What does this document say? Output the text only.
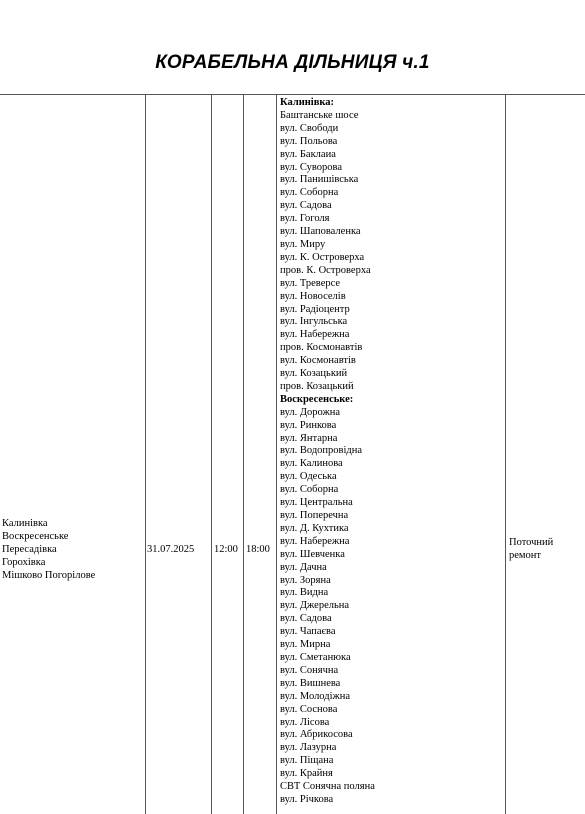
КОРАБЕЛЬНА ДІЛЬНИЦЯ ч.1
Калинівка
Воскресенське
Пересадівка
Горохівка
Мішково Погорілове
31.07.2025 12:00 18:00
Поточний
ремонт
Калинівка:
Баштанське шосе
вул. Свободи
вул. Польова
вул. Баклаиа
вул. Суворова
вул. Панишівська
вул. Соборна
вул. Садова
вул. Гоголя
вул. Шаповаленка
вул. Миру
вул. К. Островерха
пров. К. Островерха
вул. Треверсе
вул. Новоселів
вул. Радіоцентр
вул. Інгульська
вул. Набережна
пров. Космонавтів
вул. Космонавтів
вул. Козацький
пров. Козацький
Воскресенське:
вул. Дорожна
вул. Ринкова
вул. Янтарна
вул. Водопровідна
вул. Калинова
вул. Одеська
вул. Соборна
вул. Центральна
вул. Поперечна
вул. Д. Кухтика
вул. Набережна
вул. Шевченка
вул. Дачна
вул. Зоряна
вул. Видна
вул. Джерельна
вул. Садова
вул. Чапаєва
вул. Мирна
вул. Сметанюка
вул. Сонячна
вул. Вишнева
вул. Молодіжна
вул. Соснова
вул. Лісова
вул. Абрикосова
вул. Лазурна
вул. Піщана
вул. Крайня
СВТ Сонячна поляна
вул. Річкова
